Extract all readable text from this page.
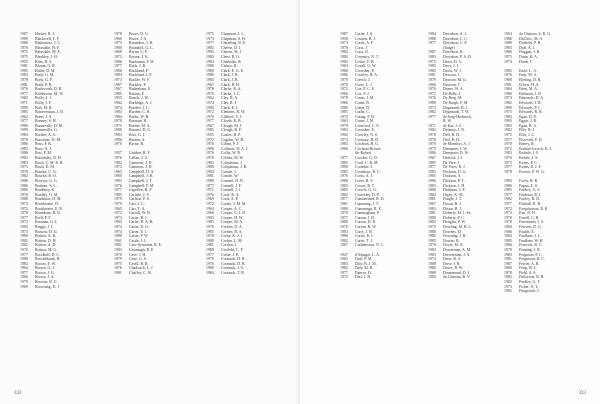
1987	Hacker, R. J.
1989	Blackwell, T. F.
1988	Blakemore, J. C.
1976	Bleasdale, H. F.
1975	Bleasdale, M. E.
1975	Bleakley, J. H.
1955	Bliss, R. S.
1981	Blount, G. R.
1985	Bodie, D. M.
1983	Body, G. M.
1978	Body, G. P.
1981	Body, P. R.
1976	Bodsworth, D. R.
1977	Boldersom, M. W.
1982	Bolfo, J. J.
1971	Bolly, J. F.
1990	Bolt, M. R.
1985	Bonaventura, J. D.
1962	Bond, J. A.
1977	Bonney, S. H.
1986	Bonneville, D. M.
1990	Bonneville, G.
1984	Booker, A. G.
1978	Boorman, W. M.
1986	Boss, F. K.
1983	Boss, N. J.
1986	Bott, F. M.
1982	Bottomley, D. H.
1983	Boult, C. M. E. R.
1973	Boult, D. M.
1978	Bourke, C. G.
1982	Bourke, R. O.
1986	Bowyer, G. G.
1986	Brabner, S. L.
1986	Bradbury, K.
1976	Bradley, O. M.
1988	Bradshaw, D. M.
1973	Braithwaite, D.
1972	Braithwaite, E. B.
1978	Brandrum, B. D.
1977	Brell, P. F.
1973	Brennan, G. J.
1985	Briggs, J. L.
1973	Bristow, D. G.
1980	Britton, A. B.
1982	Britton, D. H.
1982	Britton, A. D.
1976	Britton, M. G.
1977	Brockbill, D. C.
1980	Brocklebank, B.
1982	Brown, E. W.
1964	Brown, G. J.
1977	Brown, J. G.
1966	Brown, J. A.
1979	Browne, R. G.
1969	Browning, D. J.
1978	Bruce, D. G.
1960	Bruce, J. A.
1973	Brunsdon, J. R.
1980	Brunskill, G. L.
1968	Bryan, C. F.
1973	Bryant, J. K.
1986	Buchanan, F. W.
1977	Buck, J. R.
1986	Buckland, P.
1983	Buckland, J. F.
1973	Buckle, W. F.
1967	Buckley, F.
1967	Budenham, E.
1985	Buiton, E.
1955	Bunch, J. W.
1962	Burbidge, A. J.
1974	Burdett, J. L.
1983	Burden, C. R.
1984	Burke, W. H.
1978	Burman, H.
1975	Burnet, M. A.
1986	Burnett, D. G.
1983	Burt, G. I.
1986	Burton, A.
1970	Byrne, B.
1957	Cadden, R. Y.
1976	Callan, J. A.
1982	Cameron, J. D.
1973	Cameron, J. D.
1963	Campbell, D. A.
1980	Campbell, J. B.
1983	Campbell, J. T.
1976	Campbell, P. M.
1977	Capellen, R. P.
1985	Carlisle, J. S.
1979	Carlson, P. S.
1979	Carr, J. C.
1965	Carr, T. A.
1972	Carroll, W. D.
1973	Carter, B. J.
1983	Carter, D. A. R.
1972	Carter, D. G.
1974	Carter, E. J.
1980	Carter, P. W.
1961	Castle, J. L.
1981	Cato-Symonds, R. E.
1983	Cavanagh, R. E.
1976	Cave, J. H.
1979	Cave, G. S.
1975	Cavill, B. R.
1976	Chadwick, L. J.
1981	Chaffey, C. W.
1975	Chapman, J. L.
1973	Chapman, S. H.
1977	Chearling, B. E.
1982	Cheese, D. J.
1983	Cheese, M. J.
1980	Chew, R. G.
1983	Chisholm, R.
1986	Cisheo, R.
1980	Clark, E. G. E.
1986	Clark, J. R.
1983	Clark, J. R.
1967	Clark, R. H.
1976	Clarke, R. A.
1975	Clarke, J. C.
1962	Clay, B. A.
1974	Clay, R. J.
1980	Clark, E. J.
1972	Clemens, R. W.
1970	Clifford, V. J.
1977	Clouth, R. R.
1967	Clough, M. J.
1985	Clough, B. F.
1955	Coates, B. P.
1972	Cogdon, W. R.
1976	Cohen, P. J.
1980	Collison, W. A. J.
1976	Collis, W. B.
1976	Collins, M. W.
1983	Colquhoun, J.
1980	Colquhoun, J. R.
1984	Combe, J.
1981	Combe, W.
1980	Conneil, D. D.
1977	Connell, J. F.
1971	Connell, J. J.
1976	Cook, R. A.
1969	Cook, E. P.
1972	Cooke, J. M. M.
1964	Cooper, A. C.
1966	Cooper, C. J. D.
1983	Cooper, H. W.
1985	Cooper, M. A.
1976	Corben, N. A.
1985	Corben, R. A.
1978	Corby, K. J. J.
1980	Corbin, L. M.
1981	Cordon, J.
1980	Corfield, C. F.
1977	Cotter, J. E.
1976	Cormack, D. R.
1976	Cormack, D. R.
1980	Cormack, J. G.
1984	Cormack, T. B.
332
1987	Carter, J. S.
1956	Costain, B. J.
1974	Cottle, A. F.
1976	Cotts, J.
1982	Cotts, D.
1980	Coventry, N. T.
1982	Cowie, F. B.
1984	Coxall, G. W.
1968	Crowther, E.
1986	Crawley, B. A.
1970	Creech, J.
1978	Cross, L. J.
1972	Cox, P. C. E.
1960	Cox, P. J.
1979	Crean, J. M.
1986	Crane, B.
1980	Cunje, D.
1985	Cuthe, C.
1972	Cuttag, P. W.
1963	Crane, J. M.
1979	Crawford, C. E.
1983	Crowther, E.
1982	Crowley, N. S.
1974	Crossary, H. D.
1983	Crichton, B. G.
1986	Crichton-Brown,
Sir Robert
1977	Crocker, G. D.
1985	Croll, C. R. M.
1986	Crombie, J.
1985	Cronshaw, R. C.
1976	Cross, A. J.
1986	Cross, R. S.
1983	Crowe, R. T.
1985	Crowle, G. G.
1983	Crutchley, D. P.
1977	Cumberland, B. D.
1981	Cumming, J. T.
1980	Cummings, R. E.
1978	Cunningham, P.
1977	Curran, J. D.
1980	Curran, D. B.
1976	Curran, R. W.
1983	Curry, J. R.
1986	Curtis, R. J.
1982	Curtis, T. J.
1987	Cuthbertson, N. C.
1947	d'Alpuget, L. A.
1965	Dale, P. M.
1983	Daly, R. J. M.
1982	Daly, M. R.
1977	Dancer, D.
1975	Dart, J. R.
1984	Davidson, A. J.
1986	Davidson, C. C.
1977	Davidson, C. P.
(Judge)
1987	Davidson, K.
1983	Davidson, P. A. D.
1975	Davis, D. G.
1985	Davy, J. J.
1982	Davis, W. J.
1981	Dawson, J.
1979	Dawson, M. G.
1966	Dawson, T.
1976	Deane, W. A.
1972	De Belle, J.
1976	De Berg, M.
1980	De Burgh, F. M.
1973	Degenardt, R. J.
1982	Degenardt, T. W.
1977	de Jong-Herbruck,
R. W.
1971	de Kat, J. G.
1982	Delaney, J. N.
1978	Dell, B. H.
1978	Dell, B. H.
1970	de Montfort, A. J.
1975	Dempster, J. W.
1986	Dempster, D. W.
1967	Dedrick, J. J.
1985	De Vere, J.
1977	De Vries, R. J.
1983	Dickson, D. G.
1985	Dickson, A.
1986	Dickson, P. T.
1983	Dickson, J. H.
1986	Diddams, J. F.
1984	Digby, K. M.
1981	Dingle, J. T.
1967	Dixon, B. J.
1983	Dixon, H. J.
1981	Doherty, M. J. Sir
1980	Doherty, P. C.
1982	Douglas, P. W.
1975	Dowling, M. B. L.
1980	Downes, D.
1985	Downing, J. R.
1985	Downs, B.
1978	Doyle, M. A.
1983	Dowerman, A. M.
1983	Drewerman, J. A.
1974	Drew, R. A.
1980	Drew, J. R.
1980	Druce, R. W.
1969	Drummond, D. J.
1983	du Chateau, R. V.
1954	du Chateau, S. R. G.
1986	DuClerc, M. A.
1980	Duffield, P. R.
1983	Duff, A. J.
1986	Duggan, J. R.
1975	Dunn, K. A.
1974	Dunn, T.
1985	Earle, L. A.
1976	Earp, M. A.
1980	Ebeling, D. R.
1981	Eckert, H. A.
1964	Eden, M. A.
1986	Edelman, J. D.
1974	Edmonds, D. A.
1982	Edwards, J. R.
1980	Edwards, P. L.
1975	Edwards, R. R.
1983	Egan, D. E.
1983	Eggar, J. R.
1983	Egan, R. A.
1982	Ellis, R. J.
1975	Ellis, J. C.
1977	Elsworth, F. D.
1978	Emery, R.
1972	Erskine-Lavick, K. J.
1983	Eudaile, J. F.
1976	Eudale, J. S.
1975	Evans, P. C.
1977	Evans, R. J. F.
1978	Everett, P. W. G.
1983	Facey, R. B.
1986	Fagan, E. S.
1985	Fairbey, G. S.
1977	Fairburn, R. J.
1982	Fairley, R. D.
1977	Fairhall, R. B.
1972	Farquharson, R. R.
1973	Farr, N. H.
1978	Farrell, C. R.
1978	Farrimond, J. S.
1984	Fawcett, D. G.
1986	Faulds, E.
1984	Faulkner, J. L.
1985	Faulkner, W. H.
1966	Fenwick, R. C.
1979	Fenning, J. R.
1983	Ferguson, P. C.
1981	Fergusson, R. C.
1987	Ferrier, A. R.
1986	Feng, W. L.
1978	Field, S. A.
1982	Finlayson, B. R.
1983	Findley, G. T.
1973	Fisher, N. T.
1982	Fitzgerald, C.
333
